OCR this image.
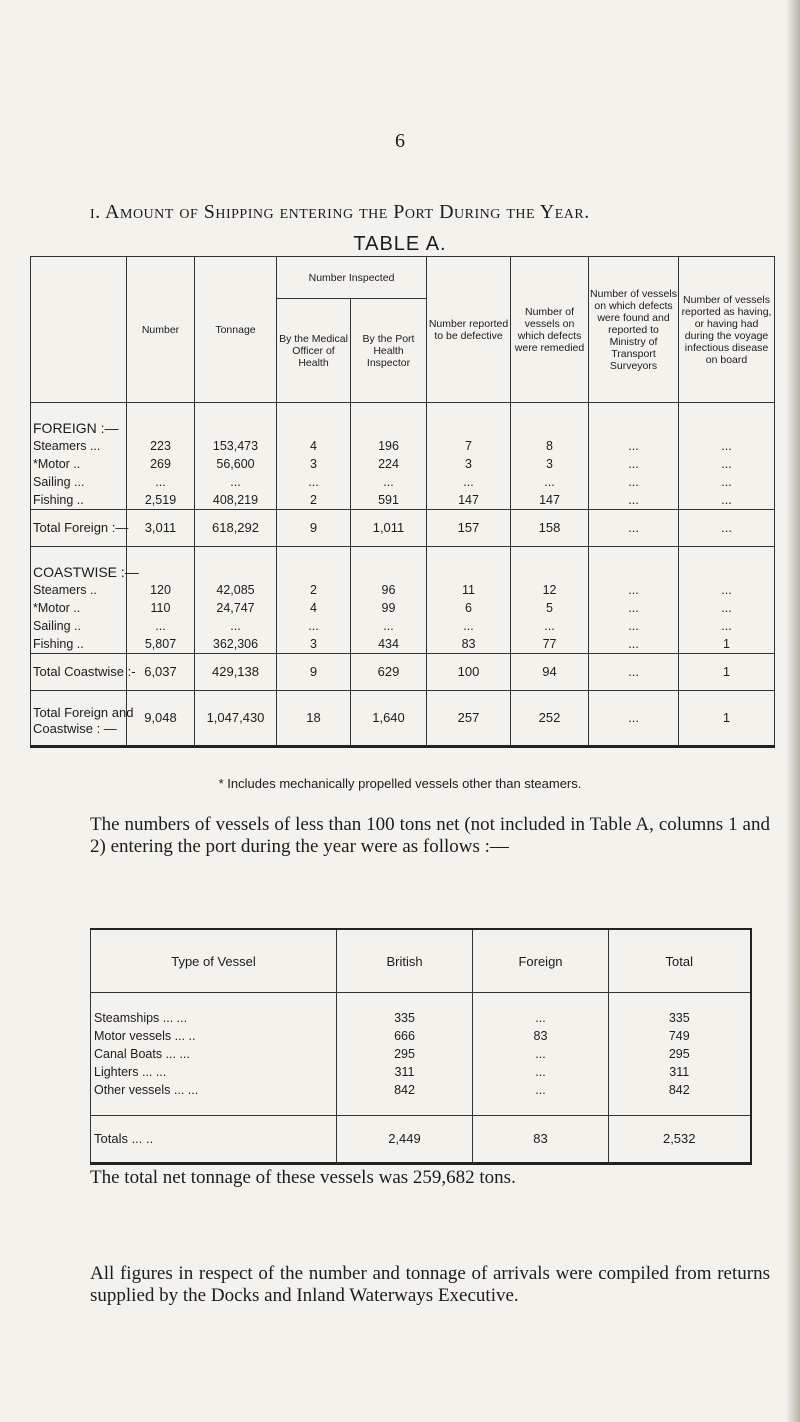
6
i. Amount of Shipping entering the Port During the Year.
TABLE A.
	Number	Tonnage	Number Inspected		Number reported to be defective	Number of vessels on which defects were remedied	Number of vessels on which defects were found and reported to Ministry of Transport Surveyors	Number of vessels reported as having, or having had during the voyage infectious disease on board
			By the Medical Officer of Health	By the Port Health Inspector				

FOREIGN :—								
Steamers ...	223	153,473	4	196	7	8	...	...
*Motor ..	269	56,600	3	224	3	3	...	...
Sailing ...	...	...	...	...	...	...	...	...
Fishing ..	2,519	408,219	2	591	147	147	...	...
Total Foreign :—	3,011	618,292	9	1,011	157	158	...	...

COASTWISE :—								
Steamers ..	120	42,085	2	96	11	12	...	...
*Motor ..	110	24,747	4	99	6	5	...	...
Sailing ..	...	...	...	...	...	...	...	...
Fishing ..	5,807	362,306	3	434	83	77	...	1
Total Coastwise :-	6,037	429,138	9	629	100	94	...	1
Total Foreign and
Coastwise : —	9,048	1,047,430	18	1,640	257	252	...	1
* Includes mechanically propelled vessels other than steamers.
The numbers of vessels of less than 100 tons net (not included in Table A, columns 1 and 2) entering the port during the year were as follows :—
Type of Vessel	British	Foreign	Total

Steamships ... ...	335	...	335
Motor vessels ... ..	666	83	749
Canal Boats ... ...	295	...	295
Lighters ... ...	311	...	311
Other vessels ... ...	842	...	842

Totals ... ..	2,449	83	2,532
The total net tonnage of these vessels was 259,682 tons.
All figures in respect of the number and tonnage of arrivals were compiled from returns supplied by the Docks and Inland Waterways Executive.
